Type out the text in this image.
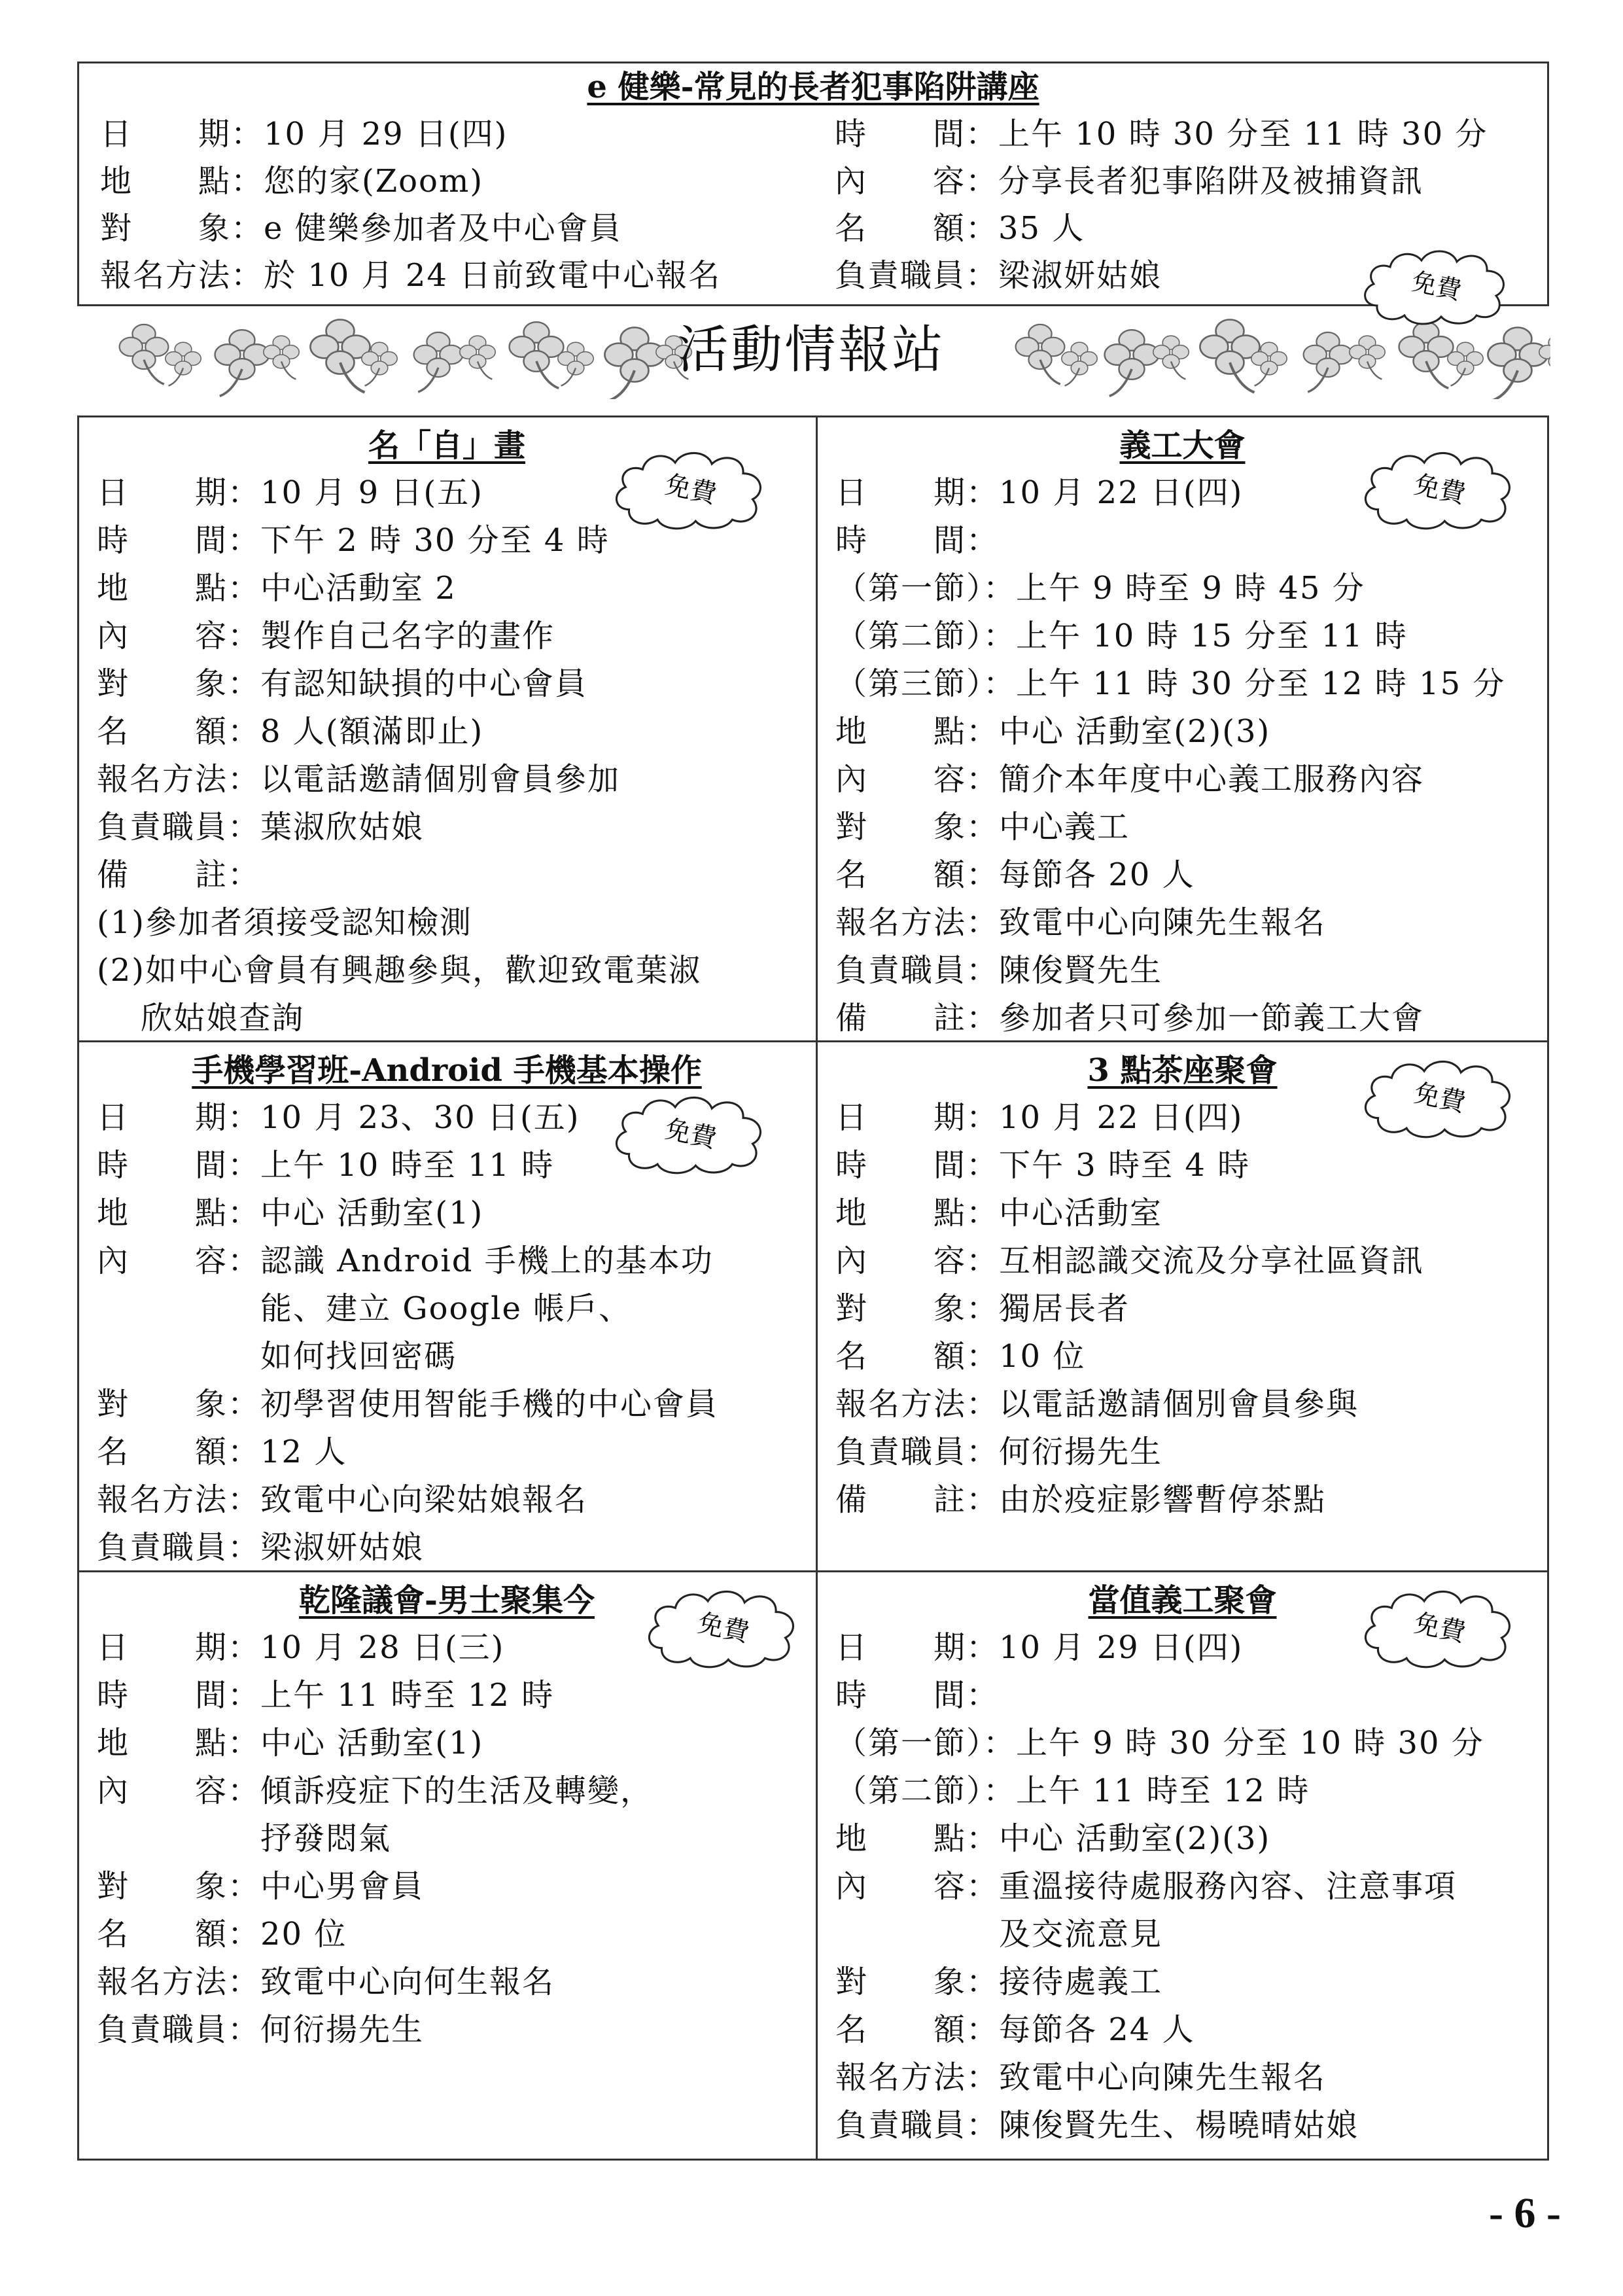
e 健樂-常見的長者犯事陷阱講座
日　　期：10 月 29 日(四)
地　　點：您的家(Zoom)
對　　象：e 健樂參加者及中心會員
報名方法：於 10 月 24 日前致電中心報名
時　　間：上午 10 時 30 分至 11 時 30 分
內　　容：分享長者犯事陷阱及被捕資訊
名　　額：35 人
負責職員：梁淑妍姑娘
活動情報站
名「自」畫
日　　期：10 月 9 日(五)
時　　間：下午 2 時 30 分至 4 時
地　　點：中心活動室 2
內　　容：製作自己名字的畫作
對　　象：有認知缺損的中心會員
名　　額：8 人(額滿即止)
報名方法：以電話邀請個別會員參加
負責職員：葉淑欣姑娘
備　　註：
(1)參加者須接受認知檢測
(2)如中心會員有興趣參與，歡迎致電葉淑
　 欣姑娘查詢
義工大會
日　　期：10 月 22 日(四)
時　　間：
（第一節）：上午 9 時至 9 時 45 分
（第二節）：上午 10 時 15 分至 11 時
（第三節）：上午 11 時 30 分至 12 時 15 分
地　　點：中心 活動室(2)(3)
內　　容：簡介本年度中心義工服務內容
對　　象：中心義工
名　　額：每節各 20 人
報名方法：致電中心向陳先生報名
負責職員：陳俊賢先生
備　　註：參加者只可參加一節義工大會
手機學習班-Android 手機基本操作
日　　期：10 月 23、30 日(五)
時　　間：上午 10 時至 11 時
地　　點：中心 活動室(1)
內　　容：認識 Android 手機上的基本功
　　　　　能、建立 Google 帳戶、
　　　　　如何找回密碼
對　　象：初學習使用智能手機的中心會員
名　　額：12 人
報名方法：致電中心向梁姑娘報名
負責職員：梁淑妍姑娘
3 點茶座聚會
日　　期：10 月 22 日(四)
時　　間：下午 3 時至 4 時
地　　點：中心活動室
內　　容：互相認識交流及分享社區資訊
對　　象：獨居長者
名　　額：10 位
報名方法：以電話邀請個別會員參與
負責職員：何衍揚先生
備　　註：由於疫症影響暫停茶點
乾隆議會-男士聚集今
日　　期：10 月 28 日(三)
時　　間：上午 11 時至 12 時
地　　點：中心 活動室(1)
內　　容：傾訴疫症下的生活及轉變，
　　　　　抒發悶氣
對　　象：中心男會員
名　　額：20 位
報名方法：致電中心向何生報名
負責職員：何衍揚先生
當值義工聚會
日　　期：10 月 29 日(四)
時　　間：
（第一節）：上午 9 時 30 分至 10 時 30 分
（第二節）：上午 11 時至 12 時
地　　點：中心 活動室(2)(3)
內　　容：重溫接待處服務內容、注意事項
　　　　　及交流意見
對　　象：接待處義工
名　　額：每節各 24 人
報名方法：致電中心向陳先生報名
負責職員：陳俊賢先生、楊曉晴姑娘
- 6 -
免費
免費	免費
免費
免費
免費	免費
